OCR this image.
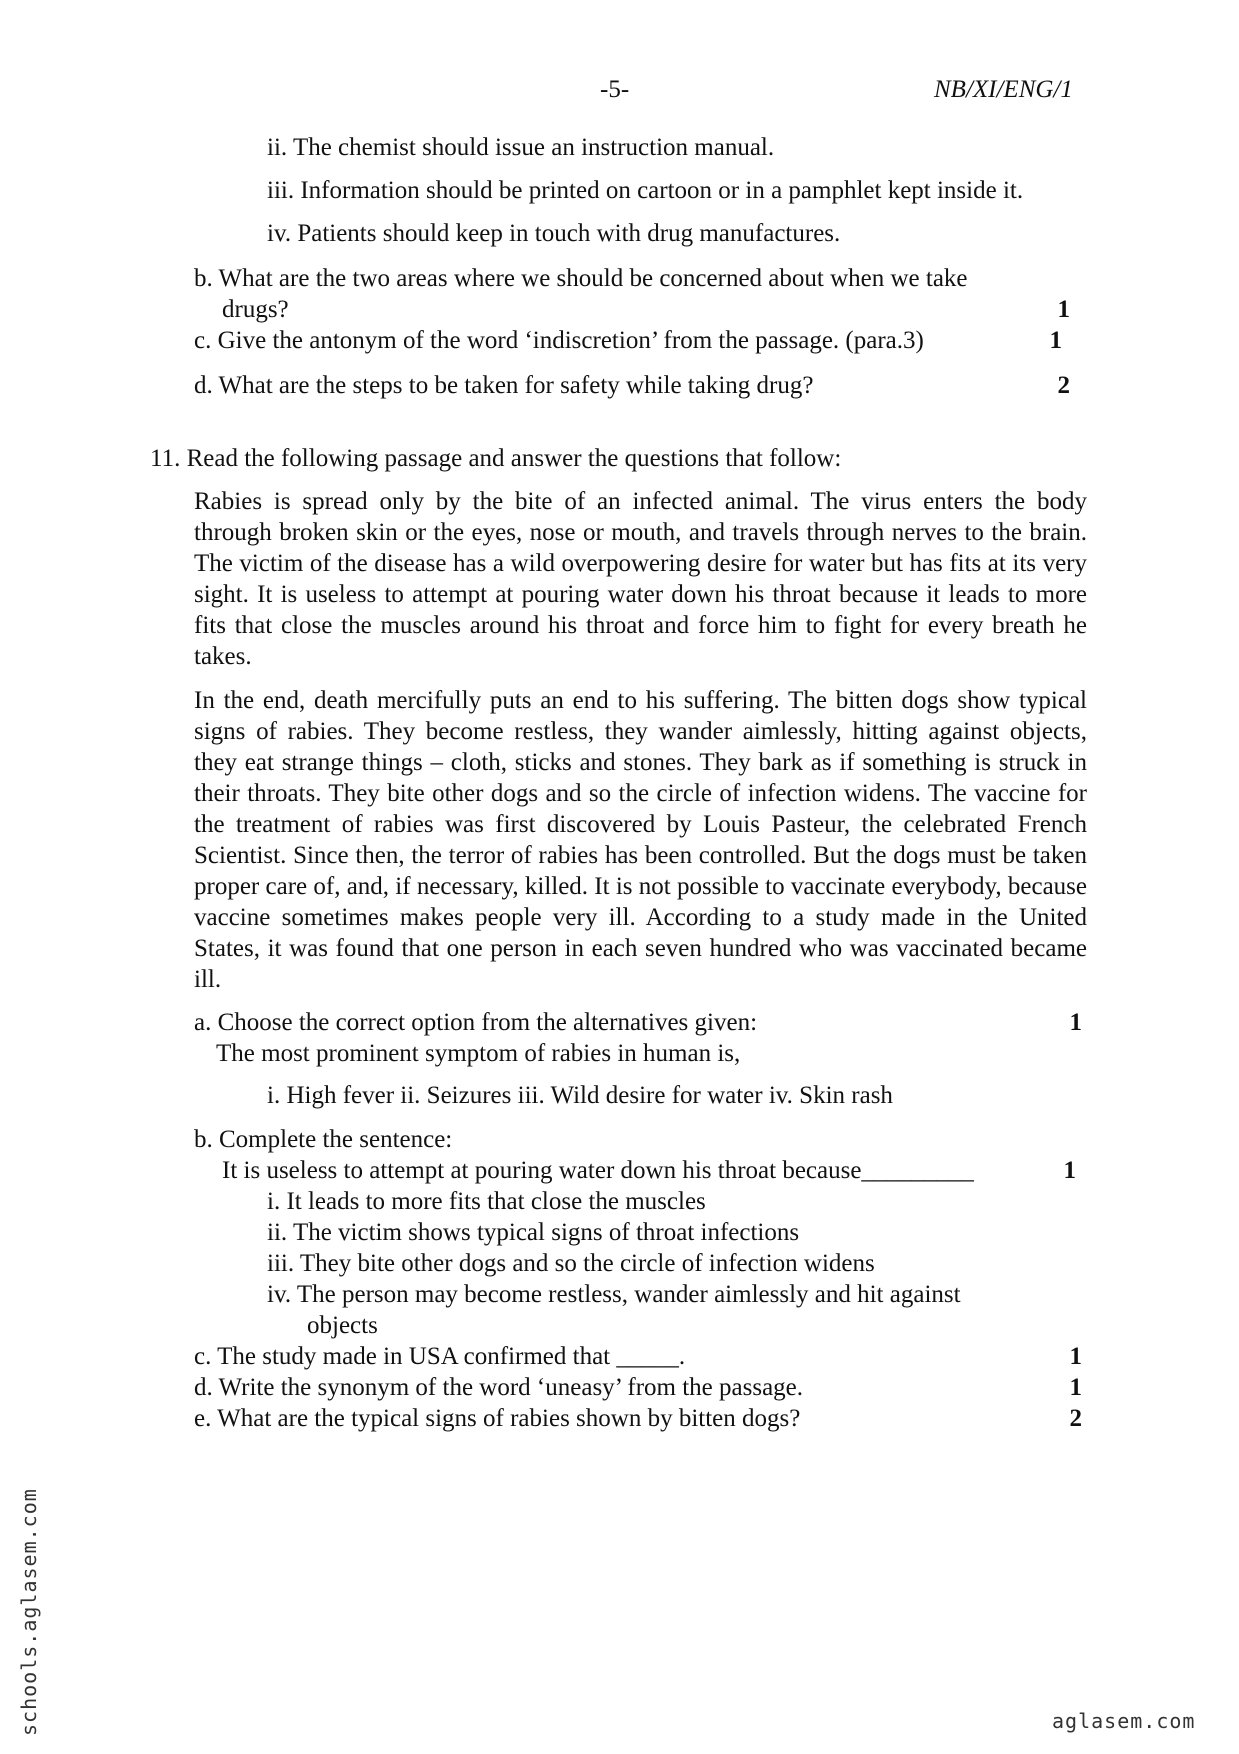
-5-	NB/XI/ENG/1
ii. The chemist should issue an instruction manual.
iii. Information should be printed on cartoon or in a pamphlet kept inside it.
iv. Patients should keep in touch with drug manufactures.
b. What are the two areas where we should be concerned about when we take
drugs?	1
c. Give the antonym of the word ‘indiscretion’ from the passage. (para.3)	1
d. What are the steps to be taken for safety while taking drug?	2
11. Read the following passage and answer the questions that follow:
Rabies is spread only by the bite of an infected animal. The virus enters the body through broken skin or the eyes, nose or mouth, and travels through nerves to the brain. The victim of the disease has a wild overpowering desire for water but has fits at its very sight. It is useless to attempt at pouring water down his throat because it leads to more fits that close the muscles around his throat and force him to fight for every breath he takes.
In the end, death mercifully puts an end to his suffering. The bitten dogs show typical signs of rabies. They become restless, they wander aimlessly, hitting against objects, they eat strange things – cloth, sticks and stones. They bark as if something is struck in their throats. They bite other dogs and so the circle of infection widens. The vaccine for the treatment of rabies was first discovered by Louis Pasteur, the celebrated French Scientist. Since then, the terror of rabies has been controlled. But the dogs must be taken proper care of, and, if necessary, killed. It is not possible to vaccinate everybody, because vaccine sometimes makes people very ill. According to a study made in the United States, it was found that one person in each seven hundred who was vaccinated became ill.
a. Choose the correct option from the alternatives given:	1
The most prominent symptom of rabies in human is,
i. High fever ii. Seizures iii. Wild desire for water iv. Skin rash
b. Complete the sentence:
It is useless to attempt at pouring water down his throat because_________	1
i. It leads to more fits that close the muscles
ii. The victim shows typical signs of throat infections
iii. They bite other dogs and so the circle of infection widens
iv. The person may become restless, wander aimlessly and hit against
objects
c. The study made in USA confirmed that _____.	1
d. Write the synonym of the word ‘uneasy’ from the passage.	1
e. What are the typical signs of rabies shown by bitten dogs?	2
schools.aglasem.com	aglasem.com
